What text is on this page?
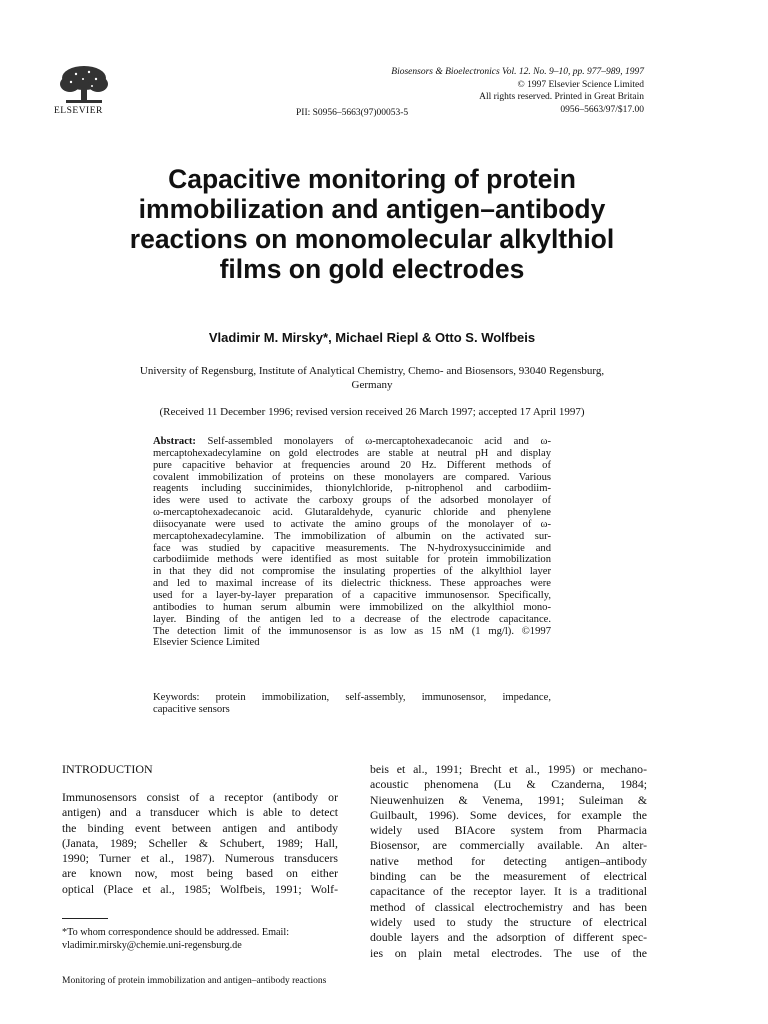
ELSEVIER
Biosensors & Bioelectronics Vol. 12. No. 9–10, pp. 977–989, 1997
© 1997 Elsevier Science Limited
All rights reserved. Printed in Great Britain
0956–5663/97/$17.00
PII: S0956–5663(97)00053-5
Capacitive monitoring of protein
immobilization and antigen–antibody
reactions on monomolecular alkylthiol
films on gold electrodes
Vladimir M. Mirsky*, Michael Riepl & Otto S. Wolfbeis
University of Regensburg, Institute of Analytical Chemistry, Chemo- and Biosensors, 93040 Regensburg,
Germany
(Received 11 December 1996; revised version received 26 March 1997; accepted 17 April 1997)
Abstract: Self-assembled monolayers of ω-mercaptohexadecanoic acid and ω-
mercaptohexadecylamine on gold electrodes are stable at neutral pH and display
pure capacitive behavior at frequencies around 20 Hz. Different methods of
covalent immobilization of proteins on these monolayers are compared. Various
reagents including succinimides, thionylchloride, p-nitrophenol and carbodiim-
ides were used to activate the carboxy groups of the adsorbed monolayer of
ω-mercaptohexadecanoic acid. Glutaraldehyde, cyanuric chloride and phenylene
diisocyanate were used to activate the amino groups of the monolayer of ω-
mercaptohexadecylamine. The immobilization of albumin on the activated sur-
face was studied by capacitive measurements. The N-hydroxysuccinimide and
carbodiimide methods were identified as most suitable for protein immobilization
in that they did not compromise the insulating properties of the alkylthiol layer
and led to maximal increase of its dielectric thickness. These approaches were
used for a layer-by-layer preparation of a capacitive immunosensor. Specifically,
antibodies to human serum albumin were immobilized on the alkylthiol mono-
layer. Binding of the antigen led to a decrease of the electrode capacitance.
The detection limit of the immunosensor is as low as 15 nM (1 mg/l). ©1997
Elsevier Science Limited
Keywords: protein immobilization, self-assembly, immunosensor, impedance,
capacitive sensors
INTRODUCTION
Immunosensors consist of a receptor (antibody or
antigen) and a transducer which is able to detect
the binding event between antigen and antibody
(Janata, 1989; Scheller & Schubert, 1989; Hall,
1990; Turner et al., 1987). Numerous transducers
are known now, most being based on either
optical (Place et al., 1985; Wolfbeis, 1991; Wolf-
beis et al., 1991; Brecht et al., 1995) or mechano-
acoustic phenomena (Lu & Czanderna, 1984;
Nieuwenhuizen & Venema, 1991; Suleiman &
Guilbault, 1996). Some devices, for example the
widely used BIAcore system from Pharmacia
Biosensor, are commercially available. An alter-
native method for detecting antigen–antibody
binding can be the measurement of electrical
capacitance of the receptor layer. It is a traditional
method of classical electrochemistry and has been
widely used to study the structure of electrical
double layers and the adsorption of different spec-
ies on plain metal electrodes. The use of the
*To whom correspondence should be addressed. Email:
vladimir.mirsky@chemie.uni-regensburg.de
Monitoring of protein immobilization and antigen–antibody reactions
